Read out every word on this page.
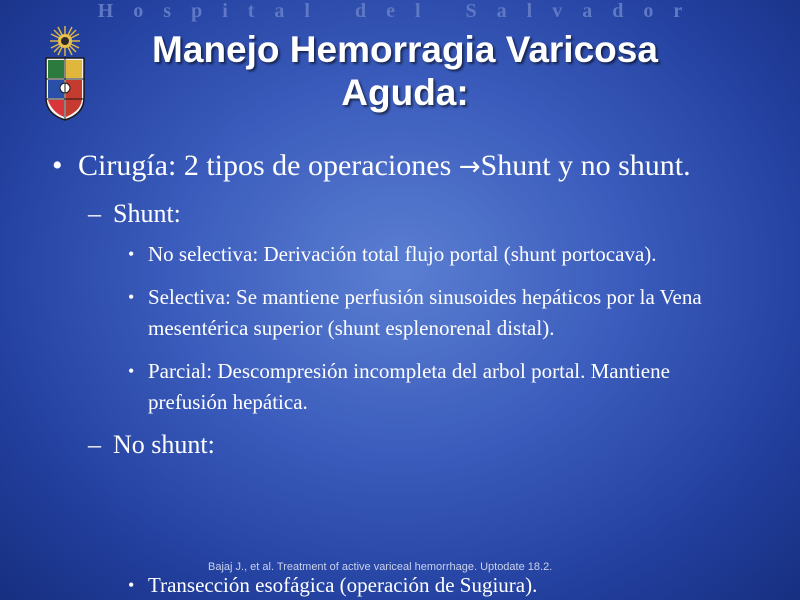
Hospital del Salvador
Manejo Hemorragia Varicosa Aguda:
• Cirugía: 2 tipos de operaciones →Shunt y no shunt.
– Shunt:
• No selectiva: Derivación total flujo portal (shunt portocava).
• Selectiva: Se mantiene perfusión sinusoides hepáticos por la Vena mesentérica superior (shunt esplenorenal distal).
• Parcial: Descompresión incompleta del arbol portal. Mantiene prefusión hepática.
– No shunt:
• Transección esofágica (operación de Sugiura).
Bajaj J., et al. Treatment of active variceal hemorrhage. Uptodate 18.2.
